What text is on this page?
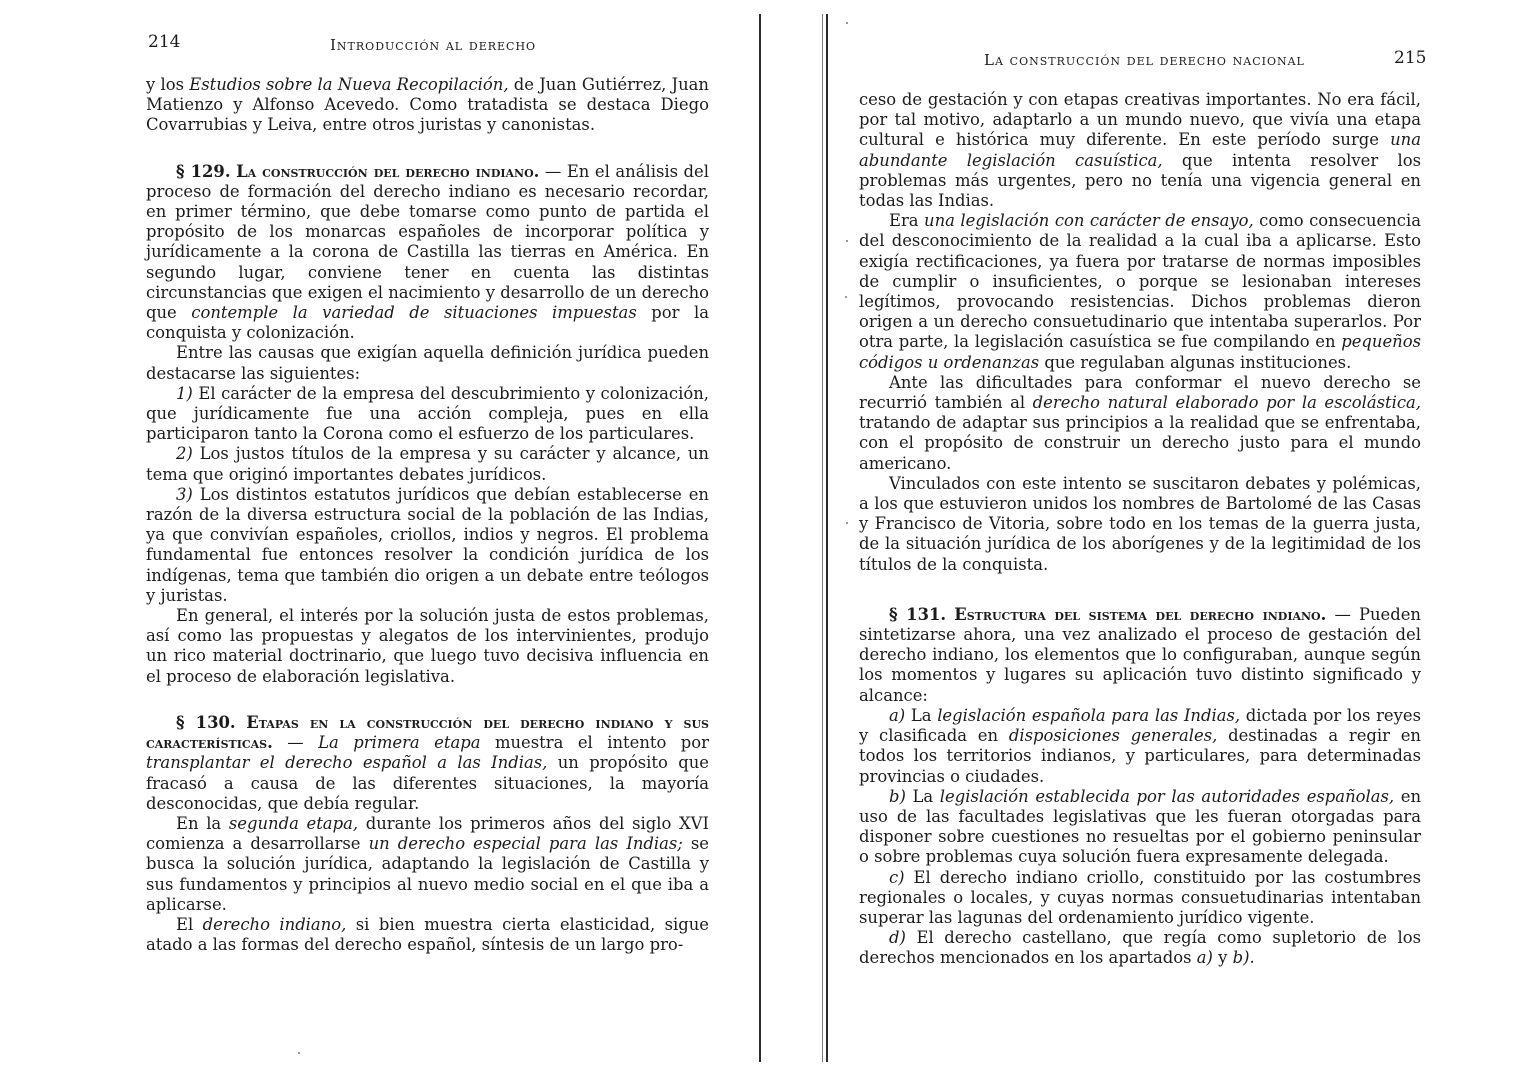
214	Introducción al derecho

y los Estudios sobre la Nueva Recopilación, de Juan Gutiérrez, Juan Matienzo y Alfonso Acevedo. Como tratadista se destaca Diego Covarrubias y Leiva, entre otros juristas y canonistas.

§ 129. La construcción del derecho indiano. — En el análisis del proceso de formación del derecho indiano es necesario recordar, en primer término, que debe tomarse como punto de partida el propósito de los monarcas españoles de incorporar política y jurídicamente a la corona de Castilla las tierras en América. En segundo lugar, conviene tener en cuenta las distintas circunstancias que exigen el nacimiento y desarrollo de un derecho que contemple la variedad de situaciones impuestas por la conquista y colonización.

Entre las causas que exigían aquella definición jurídica pueden destacarse las siguientes:

1) El carácter de la empresa del descubrimiento y colonización, que jurídicamente fue una acción compleja, pues en ella participaron tanto la Corona como el esfuerzo de los particulares.

2) Los justos títulos de la empresa y su carácter y alcance, un tema que originó importantes debates jurídicos.

3) Los distintos estatutos jurídicos que debían establecerse en razón de la diversa estructura social de la población de las Indias, ya que convivían españoles, criollos, indios y negros. El problema fundamental fue entonces resolver la condición jurídica de los indígenas, tema que también dio origen a un debate entre teólogos y juristas.

En general, el interés por la solución justa de estos problemas, así como las propuestas y alegatos de los intervinientes, produjo un rico material doctrinario, que luego tuvo decisiva influencia en el proceso de elaboración legislativa.

§ 130. Etapas en la construcción del derecho indiano y sus características. — La primera etapa muestra el intento por transplantar el derecho español a las Indias, un propósito que fracasó a causa de las diferentes situaciones, la mayoría desconocidas, que debía regular.

En la segunda etapa, durante los primeros años del siglo XVI comienza a desarrollarse un derecho especial para las Indias; se busca la solución jurídica, adaptando la legislación de Castilla y sus fundamentos y principios al nuevo medio social en el que iba a aplicarse.

El derecho indiano, si bien muestra cierta elasticidad, sigue atado a las formas del derecho español, síntesis de un largo pro-

La construcción del derecho nacional	215

ceso de gestación y con etapas creativas importantes. No era fácil, por tal motivo, adaptarlo a un mundo nuevo, que vivía una etapa cultural e histórica muy diferente. En este período surge una abundante legislación casuística, que intenta resolver los problemas más urgentes, pero no tenía una vigencia general en todas las Indias.

Era una legislación con carácter de ensayo, como consecuencia del desconocimiento de la realidad a la cual iba a aplicarse. Esto exigía rectificaciones, ya fuera por tratarse de normas imposibles de cumplir o insuficientes, o porque se lesionaban intereses legítimos, provocando resistencias. Dichos problemas dieron origen a un derecho consuetudinario que intentaba superarlos. Por otra parte, la legislación casuística se fue compilando en pequeños códigos u ordenanzas que regulaban algunas instituciones.

Ante las dificultades para conformar el nuevo derecho se recurrió también al derecho natural elaborado por la escolástica, tratando de adaptar sus principios a la realidad que se enfrentaba, con el propósito de construir un derecho justo para el mundo americano.

Vinculados con este intento se suscitaron debates y polémicas, a los que estuvieron unidos los nombres de Bartolomé de las Casas y Francisco de Vitoria, sobre todo en los temas de la guerra justa, de la situación jurídica de los aborígenes y de la legitimidad de los títulos de la conquista.

§ 131. Estructura del sistema del derecho indiano. — Pueden sintetizarse ahora, una vez analizado el proceso de gestación del derecho indiano, los elementos que lo configuraban, aunque según los momentos y lugares su aplicación tuvo distinto significado y alcance:

a) La legislación española para las Indias, dictada por los reyes y clasificada en disposiciones generales, destinadas a regir en todos los territorios indianos, y particulares, para determinadas provincias o ciudades.

b) La legislación establecida por las autoridades españolas, en uso de las facultades legislativas que les fueran otorgadas para disponer sobre cuestiones no resueltas por el gobierno peninsular o sobre problemas cuya solución fuera expresamente delegada.

c) El derecho indiano criollo, constituido por las costumbres regionales o locales, y cuyas normas consuetudinarias intentaban superar las lagunas del ordenamiento jurídico vigente.

d) El derecho castellano, que regía como supletorio de los derechos mencionados en los apartados a) y b).
